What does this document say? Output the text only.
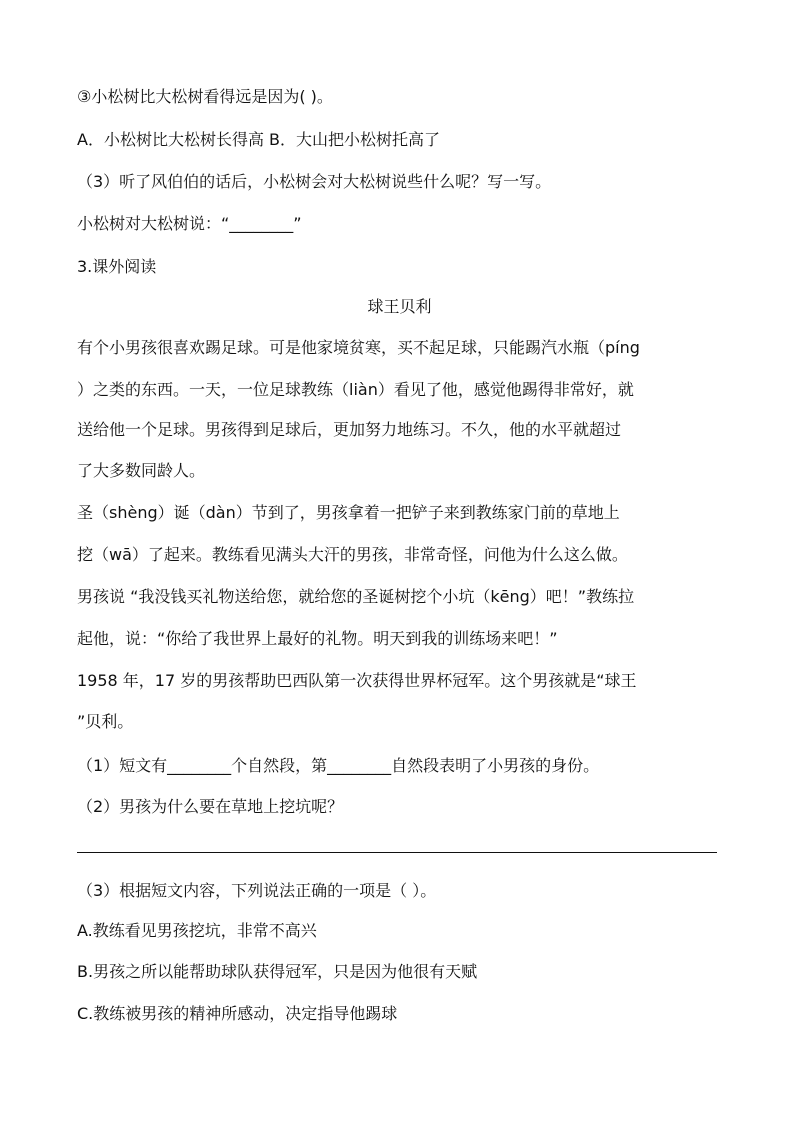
③小松树比大松树看得远是因为( )。
A．小松树比大松树长得高 B．大山把小松树托高了
（3）听了风伯伯的话后，小松树会对大松树说些什么呢？写一写。
小松树对大松树说：“________”
3.课外阅读
球王贝利
有个小男孩很喜欢踢足球。可是他家境贫寒，买不起足球，只能踢汽水瓶（píng
）之类的东西。一天，一位足球教练（liàn）看见了他，感觉他踢得非常好，就
送给他一个足球。男孩得到足球后，更加努力地练习。不久，他的水平就超过
了大多数同龄人。
圣（shèng）诞（dàn）节到了，男孩拿着一把铲子来到教练家门前的草地上
挖（wā）了起来。教练看见满头大汗的男孩，非常奇怪，问他为什么这么做。
男孩说 “我没钱买礼物送给您，就给您的圣诞树挖个小坑（kēng）吧！”教练拉
起他，说：“你给了我世界上最好的礼物。明天到我的训练场来吧！”
1958 年，17 岁的男孩帮助巴西队第一次获得世界杯冠军。这个男孩就是“球王
”贝利。
（1）短文有________个自然段，第________自然段表明了小男孩的身份。
（2）男孩为什么要在草地上挖坑呢？
（3）根据短文内容，下列说法正确的一项是（ ）。
A.教练看见男孩挖坑，非常不高兴
B.男孩之所以能帮助球队获得冠军，只是因为他很有天赋
C.教练被男孩的精神所感动，决定指导他踢球
